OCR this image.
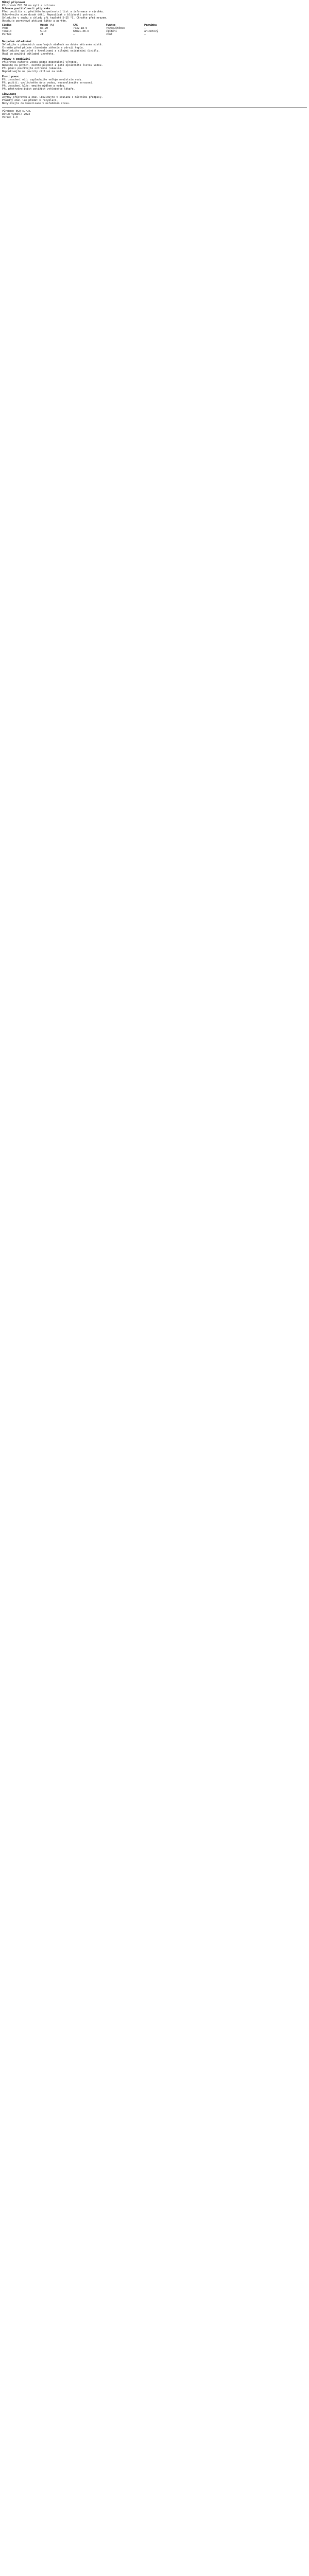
Měkký přípravek
Přípravek ECO 50 na mytí a ochranu
Ochrana použitelnosti přípravku
Před použitím si přečtěte bezpečnostní list a informace o výrobku.
Uchovávejte mimo dosah dětí. Nepoužívat v blízkosti potravin.
Skladujte v suchu a chladu při teplotě 5–25 °C. Chraňte před mrazem.
Obsahuje povrchově aktivní látky a parfém.
Složka	Obsah (%)	CAS	Funkce	Poznámka
Voda	80–90	7732-18-5	rozpouštědlo	—
Tenzid	5–10	68891-38-3	čištění	aniontový
Parfém	<1	—	vůně	—
Bezpečné skladování
Skladujte v původních uzavřených obalech na dobře větraném místě.
Chraňte před přímým slunečním zářením a zdroji tepla.
Neskladujte společně s kyselinami a silnými oxidačními činidly.
Obal po použití důkladně uzavřete.
Pokyny k používání
Přípravek nařeďte vodou podle doporučení výrobce.
Naneste na povrch, nechte působit a poté opláchněte čistou vodou.
Při práci používejte ochranné rukavice.
Nepoužívejte na povrchy citlivé na vodu.
První pomoc
Při zasažení očí: vyplachujte velkým množstvím vody.
Při požití: vypláchněte ústa vodou, nevyvolávejte zvracení.
Při zasažení kůže: omyjte mýdlem a vodou.
Při přetrvávajících potížích vyhledejte lékaře.
Likvidace
Zbytky přípravku a obal likvidujte v souladu s místními předpisy.
Prázdný obal lze předat k recyklaci.
Nevylévejte do kanalizace v neředěném stavu.
Výrobce: ECO s.r.o.
Datum vydání: 2023
Verze: 1.0
